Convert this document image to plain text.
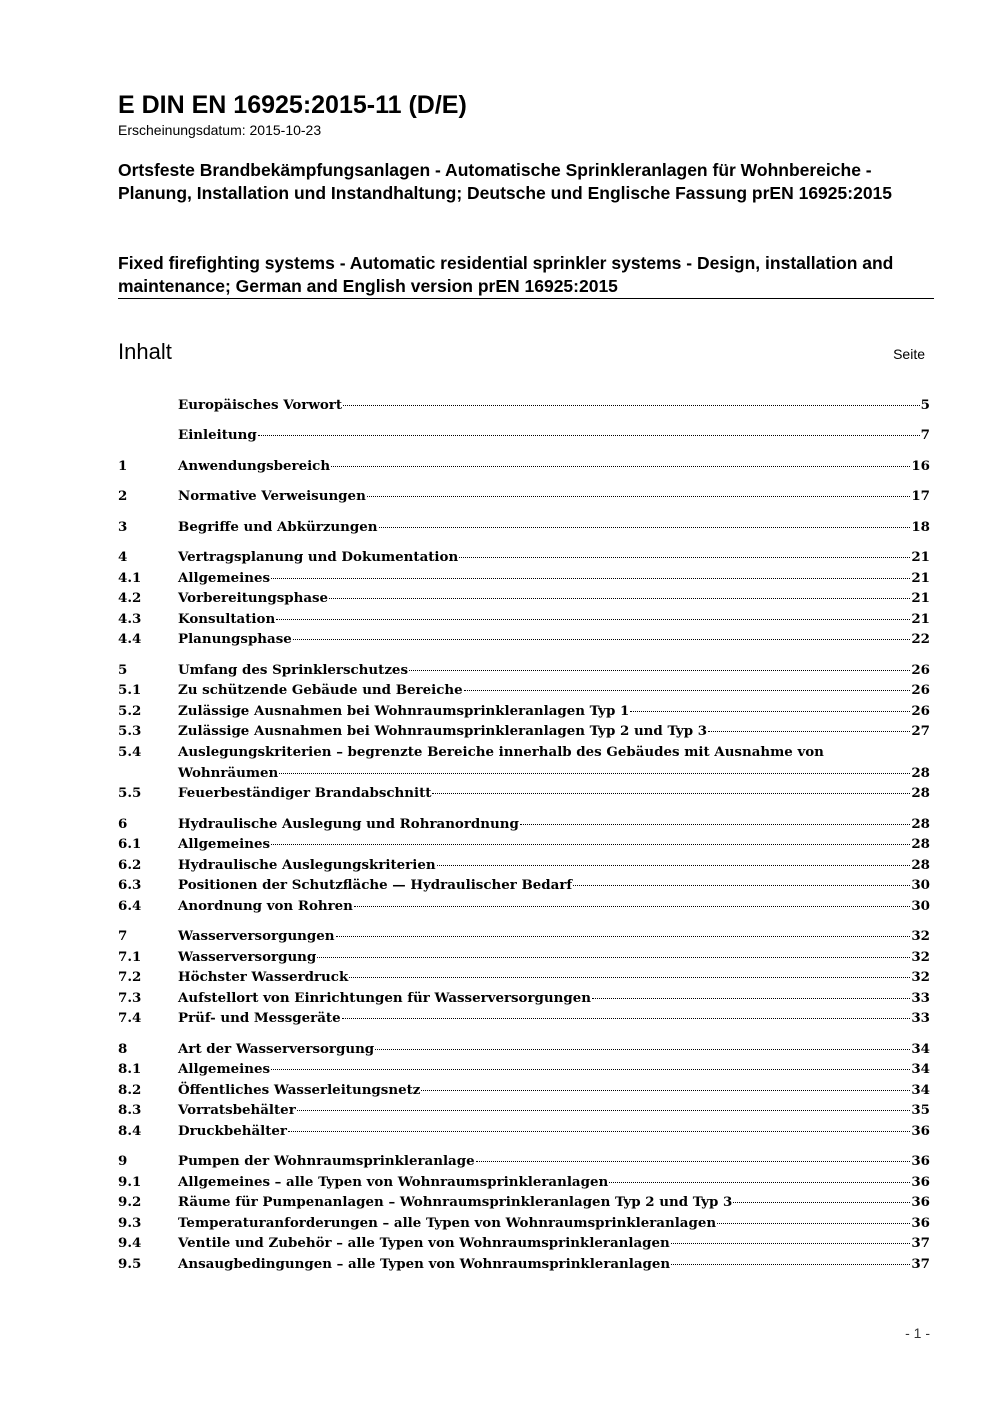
E DIN EN 16925:2015-11 (D/E)
Erscheinungsdatum: 2015-10-23
Ortsfeste Brandbekämpfungsanlagen - Automatische Sprinkleranlagen für Wohnbereiche - Planung, Installation und Instandhaltung; Deutsche und Englische Fassung prEN 16925:2015
Fixed firefighting systems - Automatic residential sprinkler systems - Design, installation and maintenance; German and English version prEN 16925:2015
Inhalt	Seite
Europäisches Vorwort	5
Einleitung	7
1	Anwendungsbereich	16
2	Normative Verweisungen	17
3	Begriffe und Abkürzungen	18
4	Vertragsplanung und Dokumentation	21
4.1	Allgemeines	21
4.2	Vorbereitungsphase	21
4.3	Konsultation	21
4.4	Planungsphase	22
5	Umfang des Sprinklerschutzes	26
5.1	Zu schützende Gebäude und Bereiche	26
5.2	Zulässige Ausnahmen bei Wohnraumsprinkleranlagen Typ 1	26
5.3	Zulässige Ausnahmen bei Wohnraumsprinkleranlagen Typ 2 und Typ 3	27
5.4	Auslegungskriterien – begrenzte Bereiche innerhalb des Gebäudes mit Ausnahme von
Wohnräumen	28
5.5	Feuerbeständiger Brandabschnitt	28
6	Hydraulische Auslegung und Rohranordnung	28
6.1	Allgemeines	28
6.2	Hydraulische Auslegungskriterien	28
6.3	Positionen der Schutzfläche — Hydraulischer Bedarf	30
6.4	Anordnung von Rohren	30
7	Wasserversorgungen	32
7.1	Wasserversorgung	32
7.2	Höchster Wasserdruck	32
7.3	Aufstellort von Einrichtungen für Wasserversorgungen	33
7.4	Prüf- und Messgeräte	33
8	Art der Wasserversorgung	34
8.1	Allgemeines	34
8.2	Öffentliches Wasserleitungsnetz	34
8.3	Vorratsbehälter	35
8.4	Druckbehälter	36
9	Pumpen der Wohnraumsprinkleranlage	36
9.1	Allgemeines – alle Typen von Wohnraumsprinkleranlagen	36
9.2	Räume für Pumpenanlagen – Wohnraumsprinkleranlagen Typ 2 und Typ 3	36
9.3	Temperaturanforderungen – alle Typen von Wohnraumsprinkleranlagen	36
9.4	Ventile und Zubehör – alle Typen von Wohnraumsprinkleranlagen	37
9.5	Ansaugbedingungen – alle Typen von Wohnraumsprinkleranlagen	37
- 1 -
